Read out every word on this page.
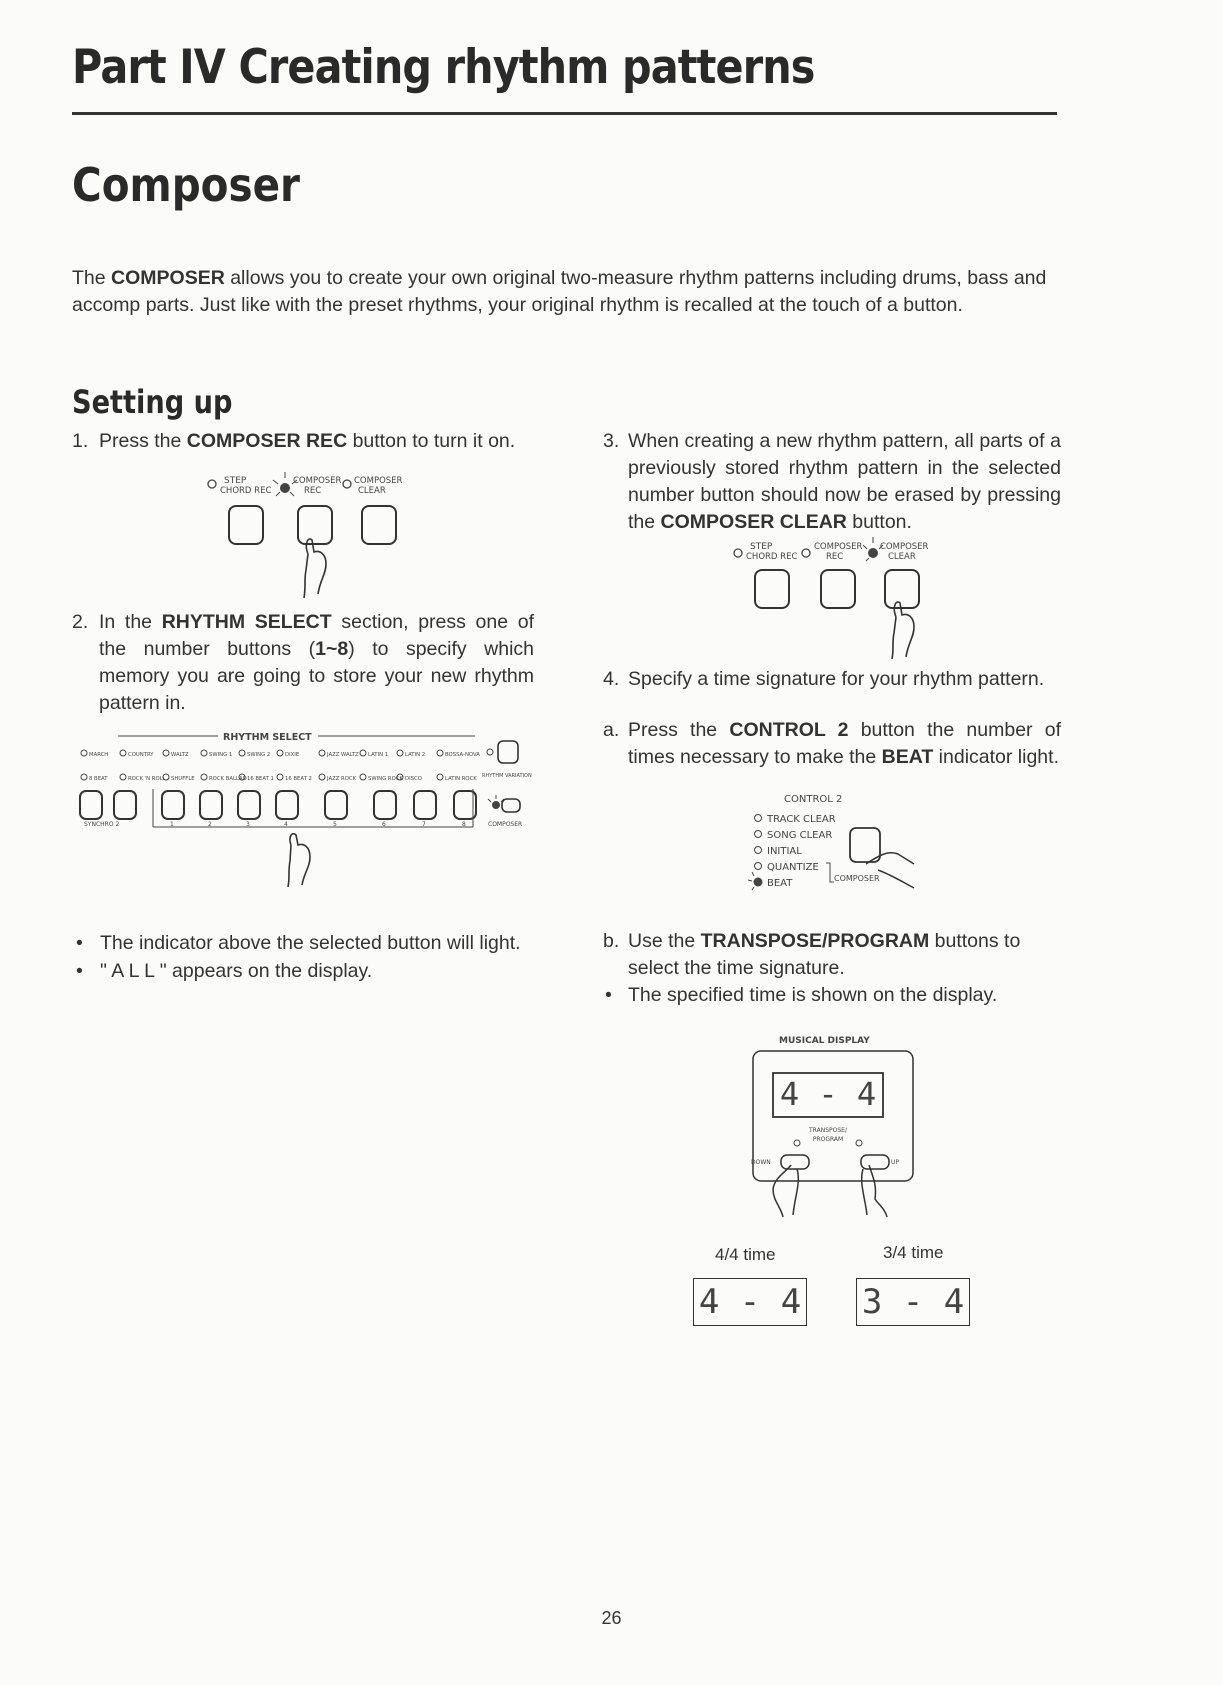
Part IV Creating rhythm patterns
Composer
The COMPOSER allows you to create your own original two-measure rhythm patterns including drums, bass and accomp parts. Just like with the preset rhythms, your original rhythm is recalled at the touch of a button.
Setting up
1. Press the COMPOSER REC button to turn it on.
STEP
CHORD REC
COMPOSER
REC
COMPOSER
CLEAR
2. In the RHYTHM SELECT section, press one of the number buttons (1~8) to specify which memory you are going to store your new rhythm pattern in.
RHYTHM SELECT
MARCH	COUNTRY	WALTZ	SWING 1	SWING 2	DIXIE	JAZZ WALTZ LATIN 1	LATIN 2	BOSSA-NOVA
8 BEAT	ROCK 'N ROLL SHUFFLE	ROCK BALLAD 16 BEAT 1 16 BEAT 2	JAZZ ROCK SWING ROCK DISCO	LATIN ROCK RHYTHM VARIATION
SYNCHRO 2	1	2	3	4	5	6	7	8	COMPOSER
• The indicator above the selected button will light.
• " A L L " appears on the display.
3. When creating a new rhythm pattern, all parts of a previously stored rhythm pattern in the selected number button should now be erased by pressing the COMPOSER CLEAR button.
STEP
CHORD REC
COMPOSER
REC
COMPOSER
CLEAR
4. Specify a time signature for your rhythm pattern.
a. Press the CONTROL 2 button the number of times necessary to make the BEAT indicator light.
CONTROL 2
TRACK CLEAR
SONG CLEAR
INITIAL
QUANTIZE
BEAT	COMPOSER
b. Use the TRANSPOSE/PROGRAM buttons to select the time signature.
• The specified time is shown on the display.
MUSICAL DISPLAY
4 - 4
TRANSPOSE/
PROGRAM
DOWN	UP
4/4 time	3/4 time
4 - 4 3 - 4
26
